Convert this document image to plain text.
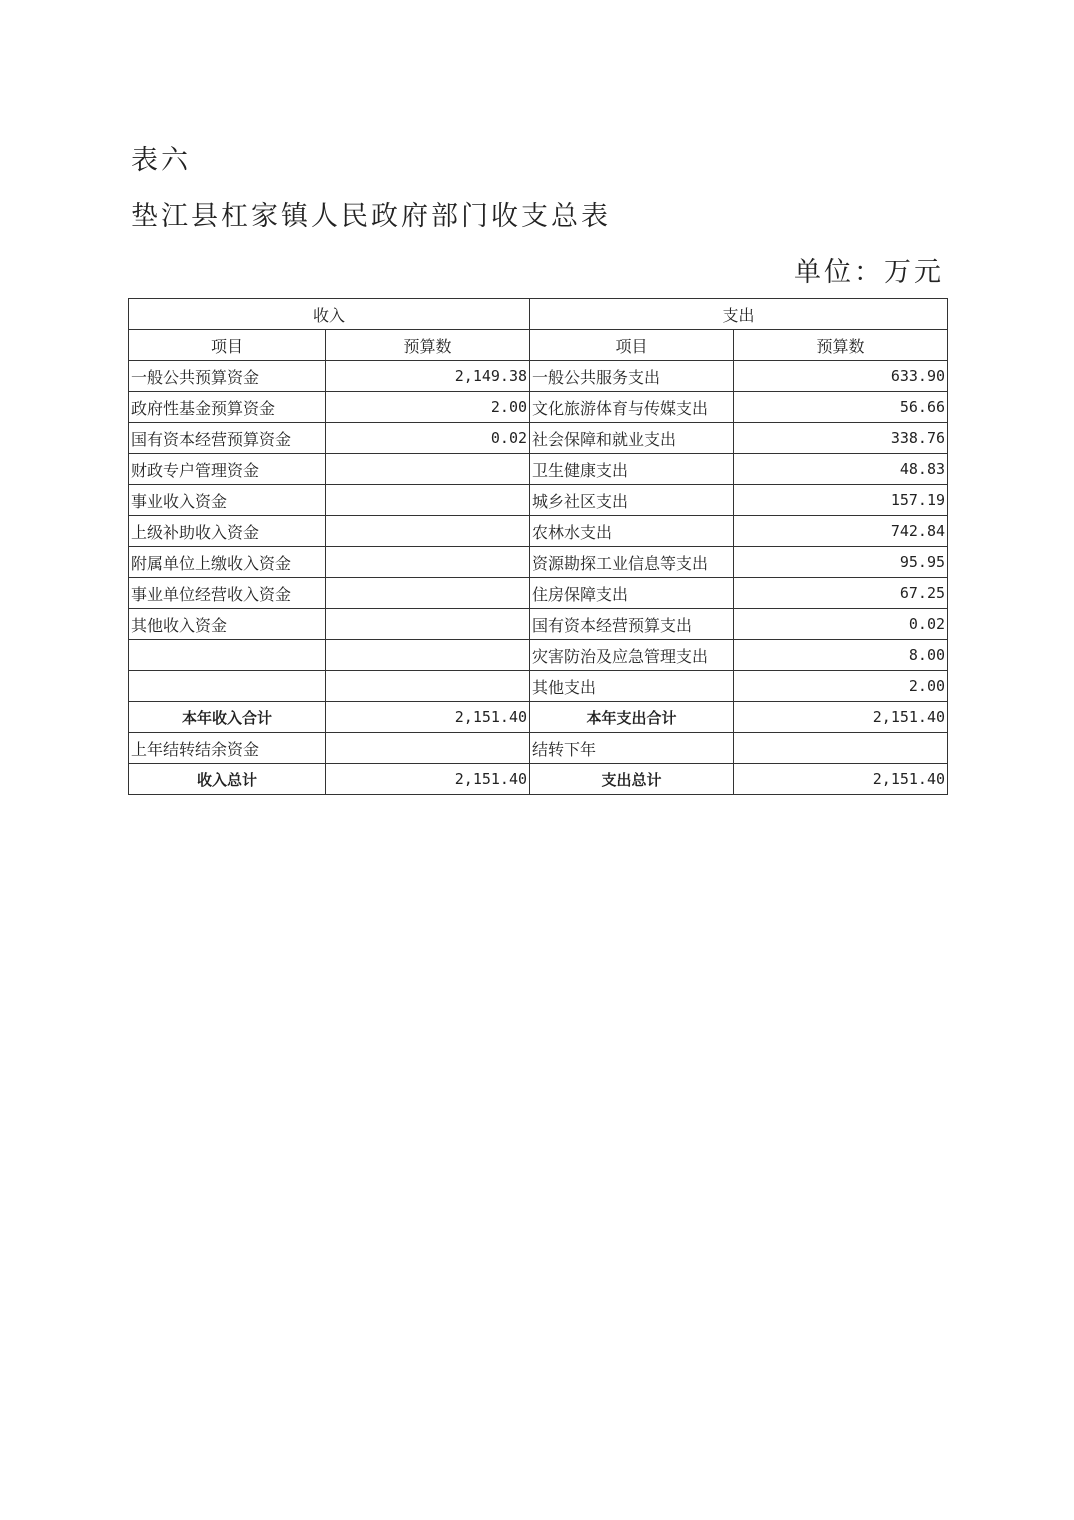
表六
垫江县杠家镇人民政府部门收支总表
单位：万元
收入		支出	
项目	预算数	项目	预算数
一般公共预算资金	2,149.38	一般公共服务支出	633.90
政府性基金预算资金	2.00	文化旅游体育与传媒支出	56.66
国有资本经营预算资金	0.02	社会保障和就业支出	338.76
财政专户管理资金		卫生健康支出	48.83
事业收入资金		城乡社区支出	157.19
上级补助收入资金		农林水支出	742.84
附属单位上缴收入资金		资源勘探工业信息等支出	95.95
事业单位经营收入资金		住房保障支出	67.25
其他收入资金		国有资本经营预算支出	0.02
		灾害防治及应急管理支出	8.00
		其他支出	2.00
本年收入合计	2,151.40	本年支出合计	2,151.40
上年结转结余资金		结转下年	
收入总计	2,151.40	支出总计	2,151.40
